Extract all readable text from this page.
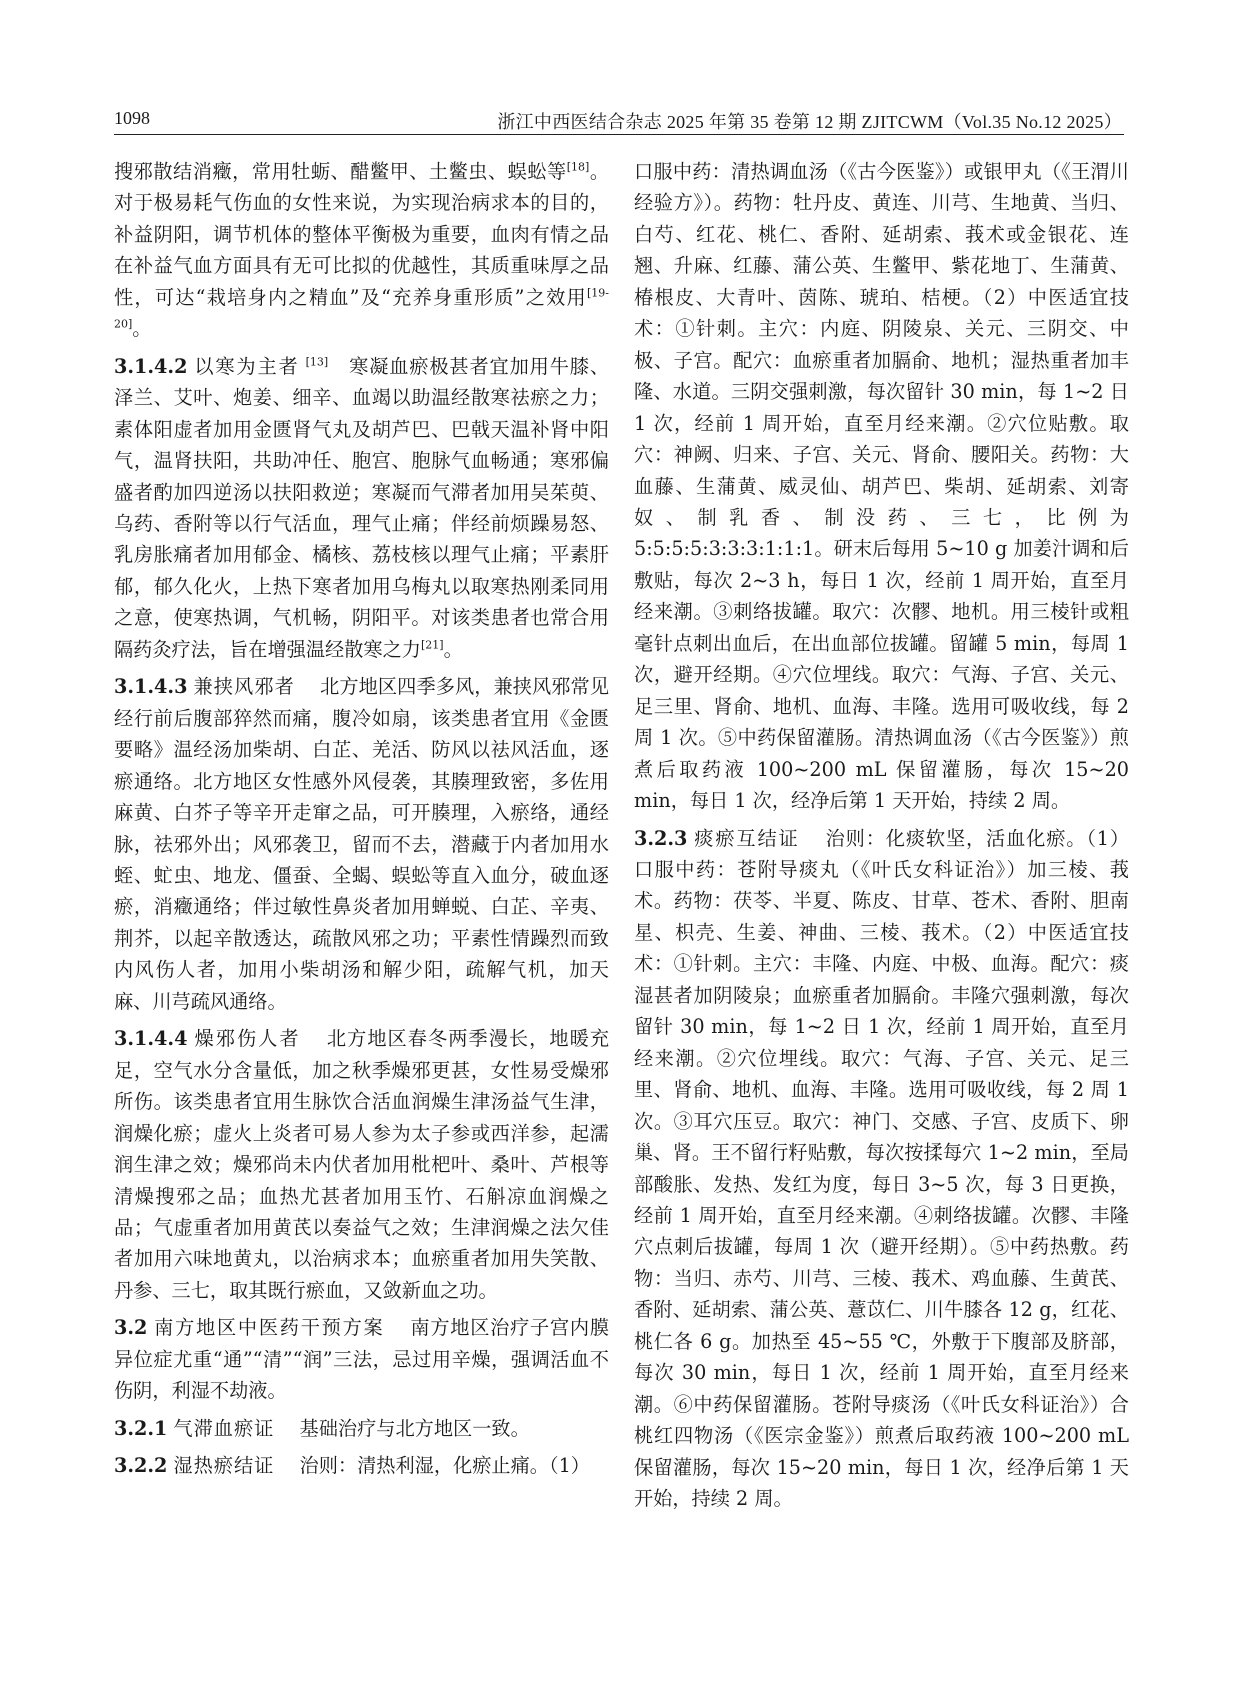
1098	浙江中西医结合杂志 2025 年第 35 卷第 12 期 ZJITCWM（Vol.35 No.12 2025）

搜邪散结消癥，常用牡蛎、醋鳖甲、土鳖虫、蜈蚣等[18]。对于极易耗气伤血的女性来说，为实现治病求本的目的，补益阴阳，调节机体的整体平衡极为重要，血肉有情之品在补益气血方面具有无可比拟的优越性，其质重味厚之品性，可达“栽培身内之精血”及“充养身重形质”之效用[19-20]。

3.1.4.2 以寒为主者 [13]　 寒凝血瘀极甚者宜加用牛膝、泽兰、艾叶、炮姜、细辛、血竭以助温经散寒祛瘀之力；素体阳虚者加用金匮肾气丸及胡芦巴、巴戟天温补肾中阳气，温肾扶阳，共助冲任、胞宫、胞脉气血畅通；寒邪偏盛者酌加四逆汤以扶阳救逆；寒凝而气滞者加用吴茱萸、乌药、香附等以行气活血，理气止痛；伴经前烦躁易怒、乳房胀痛者加用郁金、橘核、荔枝核以理气止痛；平素肝郁，郁久化火，上热下寒者加用乌梅丸以取寒热刚柔同用之意，使寒热调，气机畅，阴阳平。对该类患者也常合用隔药灸疗法，旨在增强温经散寒之力[21]。

3.1.4.3 兼挟风邪者　 北方地区四季多风，兼挟风邪常见经行前后腹部猝然而痛，腹冷如扇，该类患者宜用《金匮要略》温经汤加柴胡、白芷、羌活、防风以祛风活血，逐瘀通络。北方地区女性感外风侵袭，其腠理致密，多佐用麻黄、白芥子等辛开走窜之品，可开腠理，入瘀络，通经脉，祛邪外出；风邪袭卫，留而不去，潜藏于内者加用水蛭、虻虫、地龙、僵蚕、全蝎、蜈蚣等直入血分，破血逐瘀，消癥通络；伴过敏性鼻炎者加用蝉蜕、白芷、辛夷、荆芥，以起辛散透达，疏散风邪之功；平素性情躁烈而致内风伤人者，加用小柴胡汤和解少阳，疏解气机，加天麻、川芎疏风通络。

3.1.4.4 燥邪伤人者　 北方地区春冬两季漫长，地暖充足，空气水分含量低，加之秋季燥邪更甚，女性易受燥邪所伤。该类患者宜用生脉饮合活血润燥生津汤益气生津，润燥化瘀；虚火上炎者可易人参为太子参或西洋参，起濡润生津之效；燥邪尚未内伏者加用枇杷叶、桑叶、芦根等清燥搜邪之品；血热尤甚者加用玉竹、石斛凉血润燥之品；气虚重者加用黄芪以奏益气之效；生津润燥之法欠佳者加用六味地黄丸，以治病求本；血瘀重者加用失笑散、丹参、三七，取其既行瘀血，又敛新血之功。

3.2 南方地区中医药干预方案　 南方地区治疗子宫内膜异位症尤重“通”“清”“润”三法，忌过用辛燥，强调活血不伤阴，利湿不劫液。

3.2.1 气滞血瘀证　 基础治疗与北方地区一致。

3.2.2 湿热瘀结证　 治则：清热利湿，化瘀止痛。（1）

口服中药：清热调血汤（《古今医鉴》）或银甲丸（《王渭川经验方》）。药物：牡丹皮、黄连、川芎、生地黄、当归、白芍、红花、桃仁、香附、延胡索、莪术或金银花、连翘、升麻、红藤、蒲公英、生鳖甲、紫花地丁、生蒲黄、椿根皮、大青叶、茵陈、琥珀、桔梗。（2）中医适宜技术：①针刺。主穴：内庭、阴陵泉、关元、三阴交、中极、子宫。配穴：血瘀重者加膈俞、地机；湿热重者加丰隆、水道。三阴交强刺激，每次留针 30 min，每 1~2 日 1 次，经前 1 周开始，直至月经来潮。②穴位贴敷。取穴：神阙、归来、子宫、关元、肾俞、腰阳关。药物：大血藤、生蒲黄、威灵仙、胡芦巴、柴胡、延胡索、刘寄奴、制乳香、制没药、三七，比例为 5:5:5:5:3:3:3:1:1:1。研末后每用 5~10 g 加姜汁调和后敷贴，每次 2~3 h，每日 1 次，经前 1 周开始，直至月经来潮。③刺络拔罐。取穴：次髎、地机。用三棱针或粗毫针点刺出血后，在出血部位拔罐。留罐 5 min，每周 1 次，避开经期。④穴位埋线。取穴：气海、子宫、关元、足三里、肾俞、地机、血海、丰隆。选用可吸收线，每 2 周 1 次。⑤中药保留灌肠。清热调血汤（《古今医鉴》）煎煮后取药液 100~200 mL 保留灌肠，每次 15~20 min，每日 1 次，经净后第 1 天开始，持续 2 周。

3.2.3 痰瘀互结证　 治则：化痰软坚，活血化瘀。（1）口服中药：苍附导痰丸（《叶氏女科证治》）加三棱、莪术。药物：茯苓、半夏、陈皮、甘草、苍术、香附、胆南星、枳壳、生姜、神曲、三棱、莪术。（2）中医适宜技术：①针刺。主穴：丰隆、内庭、中极、血海。配穴：痰湿甚者加阴陵泉；血瘀重者加膈俞。丰隆穴强刺激，每次留针 30 min，每 1~2 日 1 次，经前 1 周开始，直至月经来潮。②穴位埋线。取穴：气海、子宫、关元、足三里、肾俞、地机、血海、丰隆。选用可吸收线，每 2 周 1 次。③耳穴压豆。取穴：神门、交感、子宫、皮质下、卵巢、肾。王不留行籽贴敷，每次按揉每穴 1~2 min，至局部酸胀、发热、发红为度，每日 3~5 次，每 3 日更换，经前 1 周开始，直至月经来潮。④刺络拔罐。次髎、丰隆穴点刺后拔罐，每周 1 次（避开经期）。⑤中药热敷。药物：当归、赤芍、川芎、三棱、莪术、鸡血藤、生黄芪、香附、延胡索、蒲公英、薏苡仁、川牛膝各 12 g，红花、桃仁各 6 g。加热至 45~55 ℃，外敷于下腹部及脐部，每次 30 min，每日 1 次，经前 1 周开始，直至月经来潮。⑥中药保留灌肠。苍附导痰汤（《叶氏女科证治》）合桃红四物汤（《医宗金鉴》）煎煮后取药液 100~200 mL 保留灌肠，每次 15~20 min，每日 1 次，经净后第 1 天开始，持续 2 周。
